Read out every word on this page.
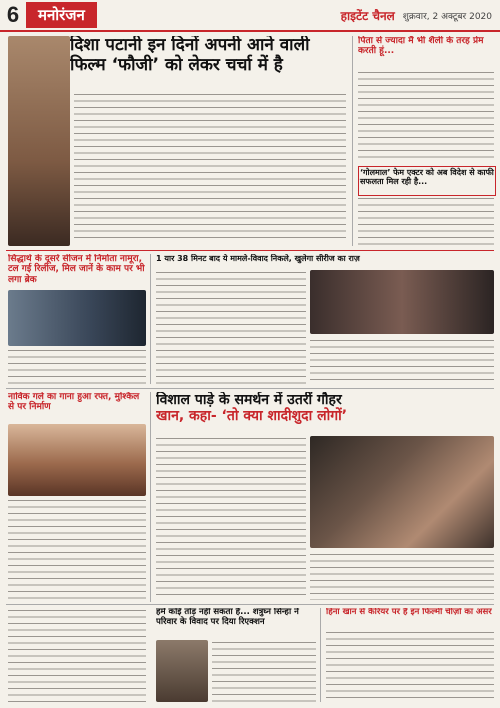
6	मनोरंजन	हाइटेंट चैनल शुक्रवार, 2 अक्टूबर 2020
दिशा पटानी इन दिनों अपनी आने वाली
फिल्म ‘फौजी’ को लेकर चर्चा में है
पिता से ज्यादा मैं भी शैली के तरह प्रेम करती हूं...
‘गोलमाल’ फेम एक्टर को अब विदेश से काफी सफलता मिल रही है...
सिद्धार्थ के दूसरे सीजन में निर्माता नामूरा, टल गई रिलीज, मिल जानें के काम पर भी लगा ब्रेक
1 यार 38 मिनट बाद ये मामले-विवाद निकले, खुलेगा सीरीज का राज़
नाविक गर्ल का गाना हुआ रफ्त, मुश्किल से पर निर्माण	विशाल पाड़े के समर्थन में उतरीं गौहर
खान, कहा- ‘तो क्या शादीशुदा लोगों’
हमें कोई तोड़ नहीं सकता है... शत्रुघ्न सिन्हा ने परिवार के विवाद पर दिया रिएक्शन
हिना खान से कैरियर पर है इन फिल्मी चीज़ों का असर
